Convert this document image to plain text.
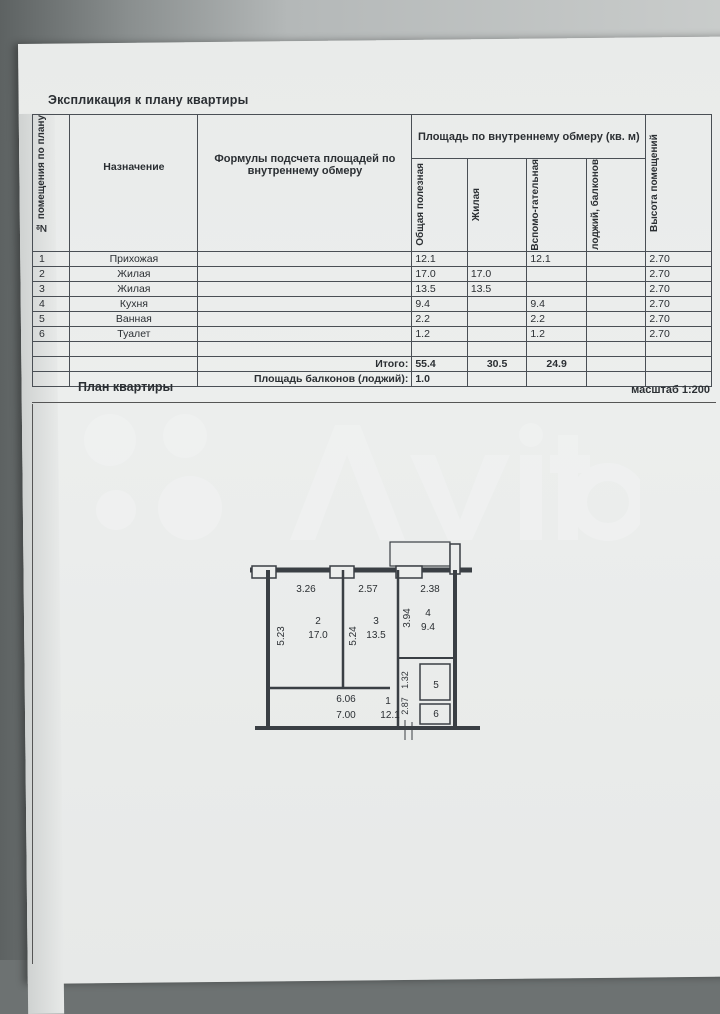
Экспликация к плану квартиры
№ помещения по плану	Назначение	Формулы подсчета площадей по внутреннему обмеру	Площадь по внутреннему обмеру (кв. м)				Высота помещений

			Общая полезная	Жилая	Вспомо-гательная	лоджий, балконов	

1	Прихожая		12.1		12.1		2.70
2	Жилая		17.0	17.0			2.70
3	Жилая		13.5	13.5			2.70
4	Кухня		9.4		9.4		2.70
5	Ванная		2.2		2.2		2.70
6	Туалет		1.2		1.2		2.70

		Итого:	55.4	30.5	24.9		
		Площадь балконов (лоджий):	1.0				
План квартиры	масштаб 1:200
3.26	2.57	2.38
5.23	5.24
3.94
2
17.0
3
13.5
4
9.4
5
6
1.32
2.87
6.06
7.00
1
12.1
